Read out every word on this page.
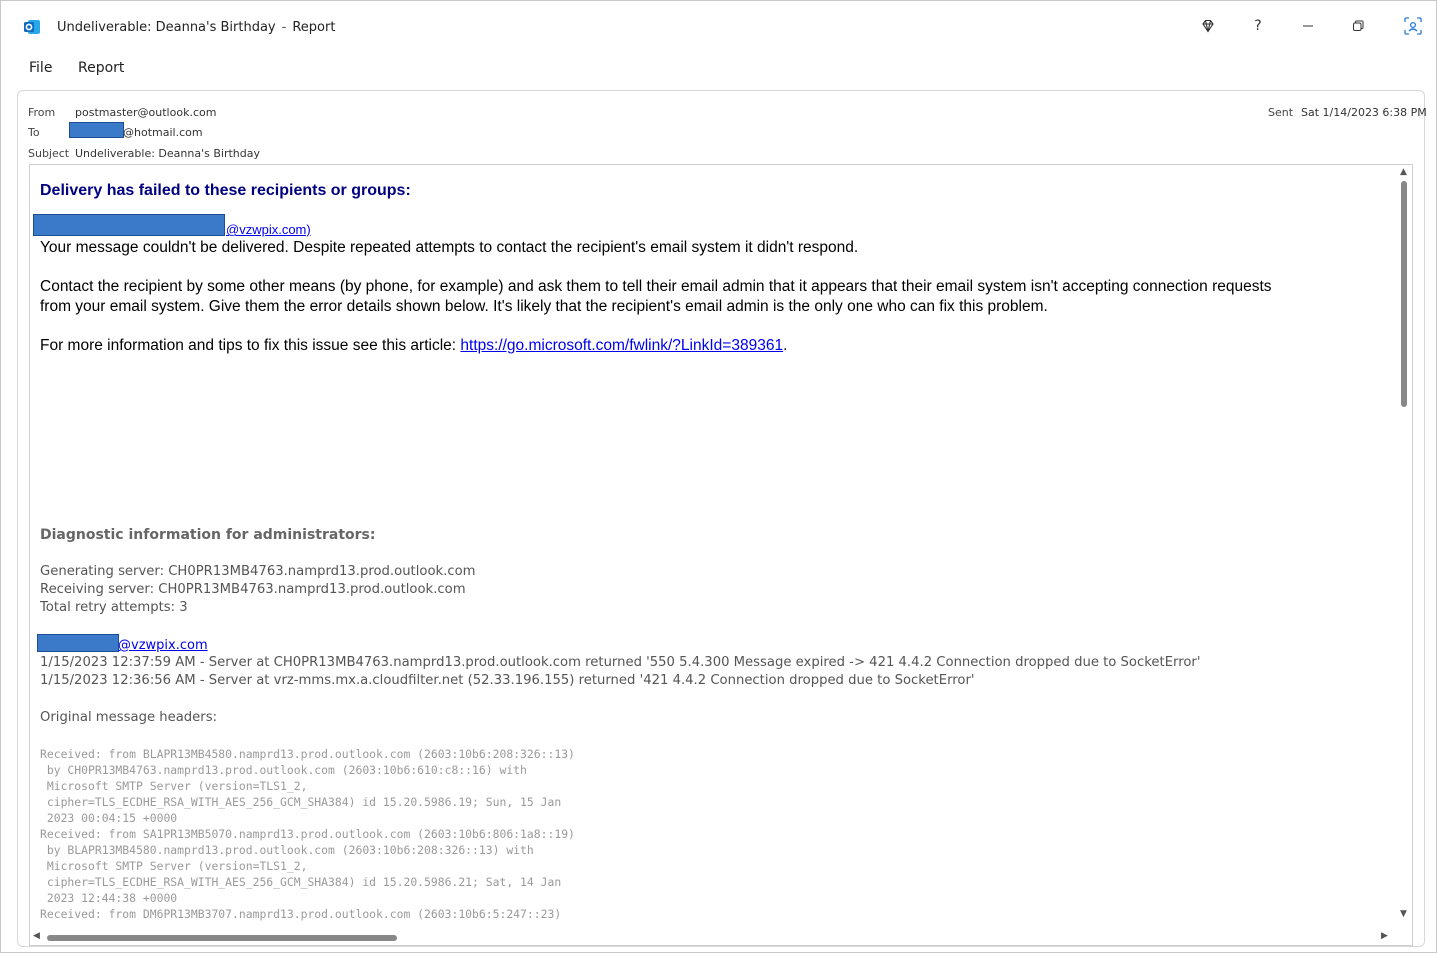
Undeliverable: Deanna's Birthday - Report	?
File Report
From postmaster@outlook.com
To	@hotmail.com
Subject Undeliverable: Deanna's Birthday
Sent Sat 1/14/2023 6:38 PM
Delivery has failed to these recipients or groups:
@vzwpix.com)
Your message couldn't be delivered. Despite repeated attempts to contact the recipient's email system it didn't respond.
Contact the recipient by some other means (by phone, for example) and ask them to tell their email admin that it appears that their email system isn't accepting connection requests
from your email system. Give them the error details shown below. It's likely that the recipient's email admin is the only one who can fix this problem.
For more information and tips to fix this issue see this article: https://go.microsoft.com/fwlink/?LinkId=389361.
Diagnostic information for administrators:
Generating server: CH0PR13MB4763.namprd13.prod.outlook.com
Receiving server: CH0PR13MB4763.namprd13.prod.outlook.com
Total retry attempts: 3
@vzwpix.com
1/15/2023 12:37:59 AM - Server at CH0PR13MB4763.namprd13.prod.outlook.com returned '550 5.4.300 Message expired -> 421 4.4.2 Connection dropped due to SocketError'
1/15/2023 12:36:56 AM - Server at vrz-mms.mx.a.cloudfilter.net (52.33.196.155) returned '421 4.4.2 Connection dropped due to SocketError'
Original message headers:
Received: from BLAPR13MB4580.namprd13.prod.outlook.com (2603:10b6:208:326::13)
by CH0PR13MB4763.namprd13.prod.outlook.com (2603:10b6:610:c8::16) with
Microsoft SMTP Server (version=TLS1_2,
cipher=TLS_ECDHE_RSA_WITH_AES_256_GCM_SHA384) id 15.20.5986.19; Sun, 15 Jan
2023 00:04:15 +0000
Received: from SA1PR13MB5070.namprd13.prod.outlook.com (2603:10b6:806:1a8::19)
by BLAPR13MB4580.namprd13.prod.outlook.com (2603:10b6:208:326::13) with
Microsoft SMTP Server (version=TLS1_2,
cipher=TLS_ECDHE_RSA_WITH_AES_256_GCM_SHA384) id 15.20.5986.21; Sat, 14 Jan
2023 12:44:38 +0000
Received: from DM6PR13MB3707.namprd13.prod.outlook.com (2603:10b6:5:247::23)
▲
▼
◀	▶
